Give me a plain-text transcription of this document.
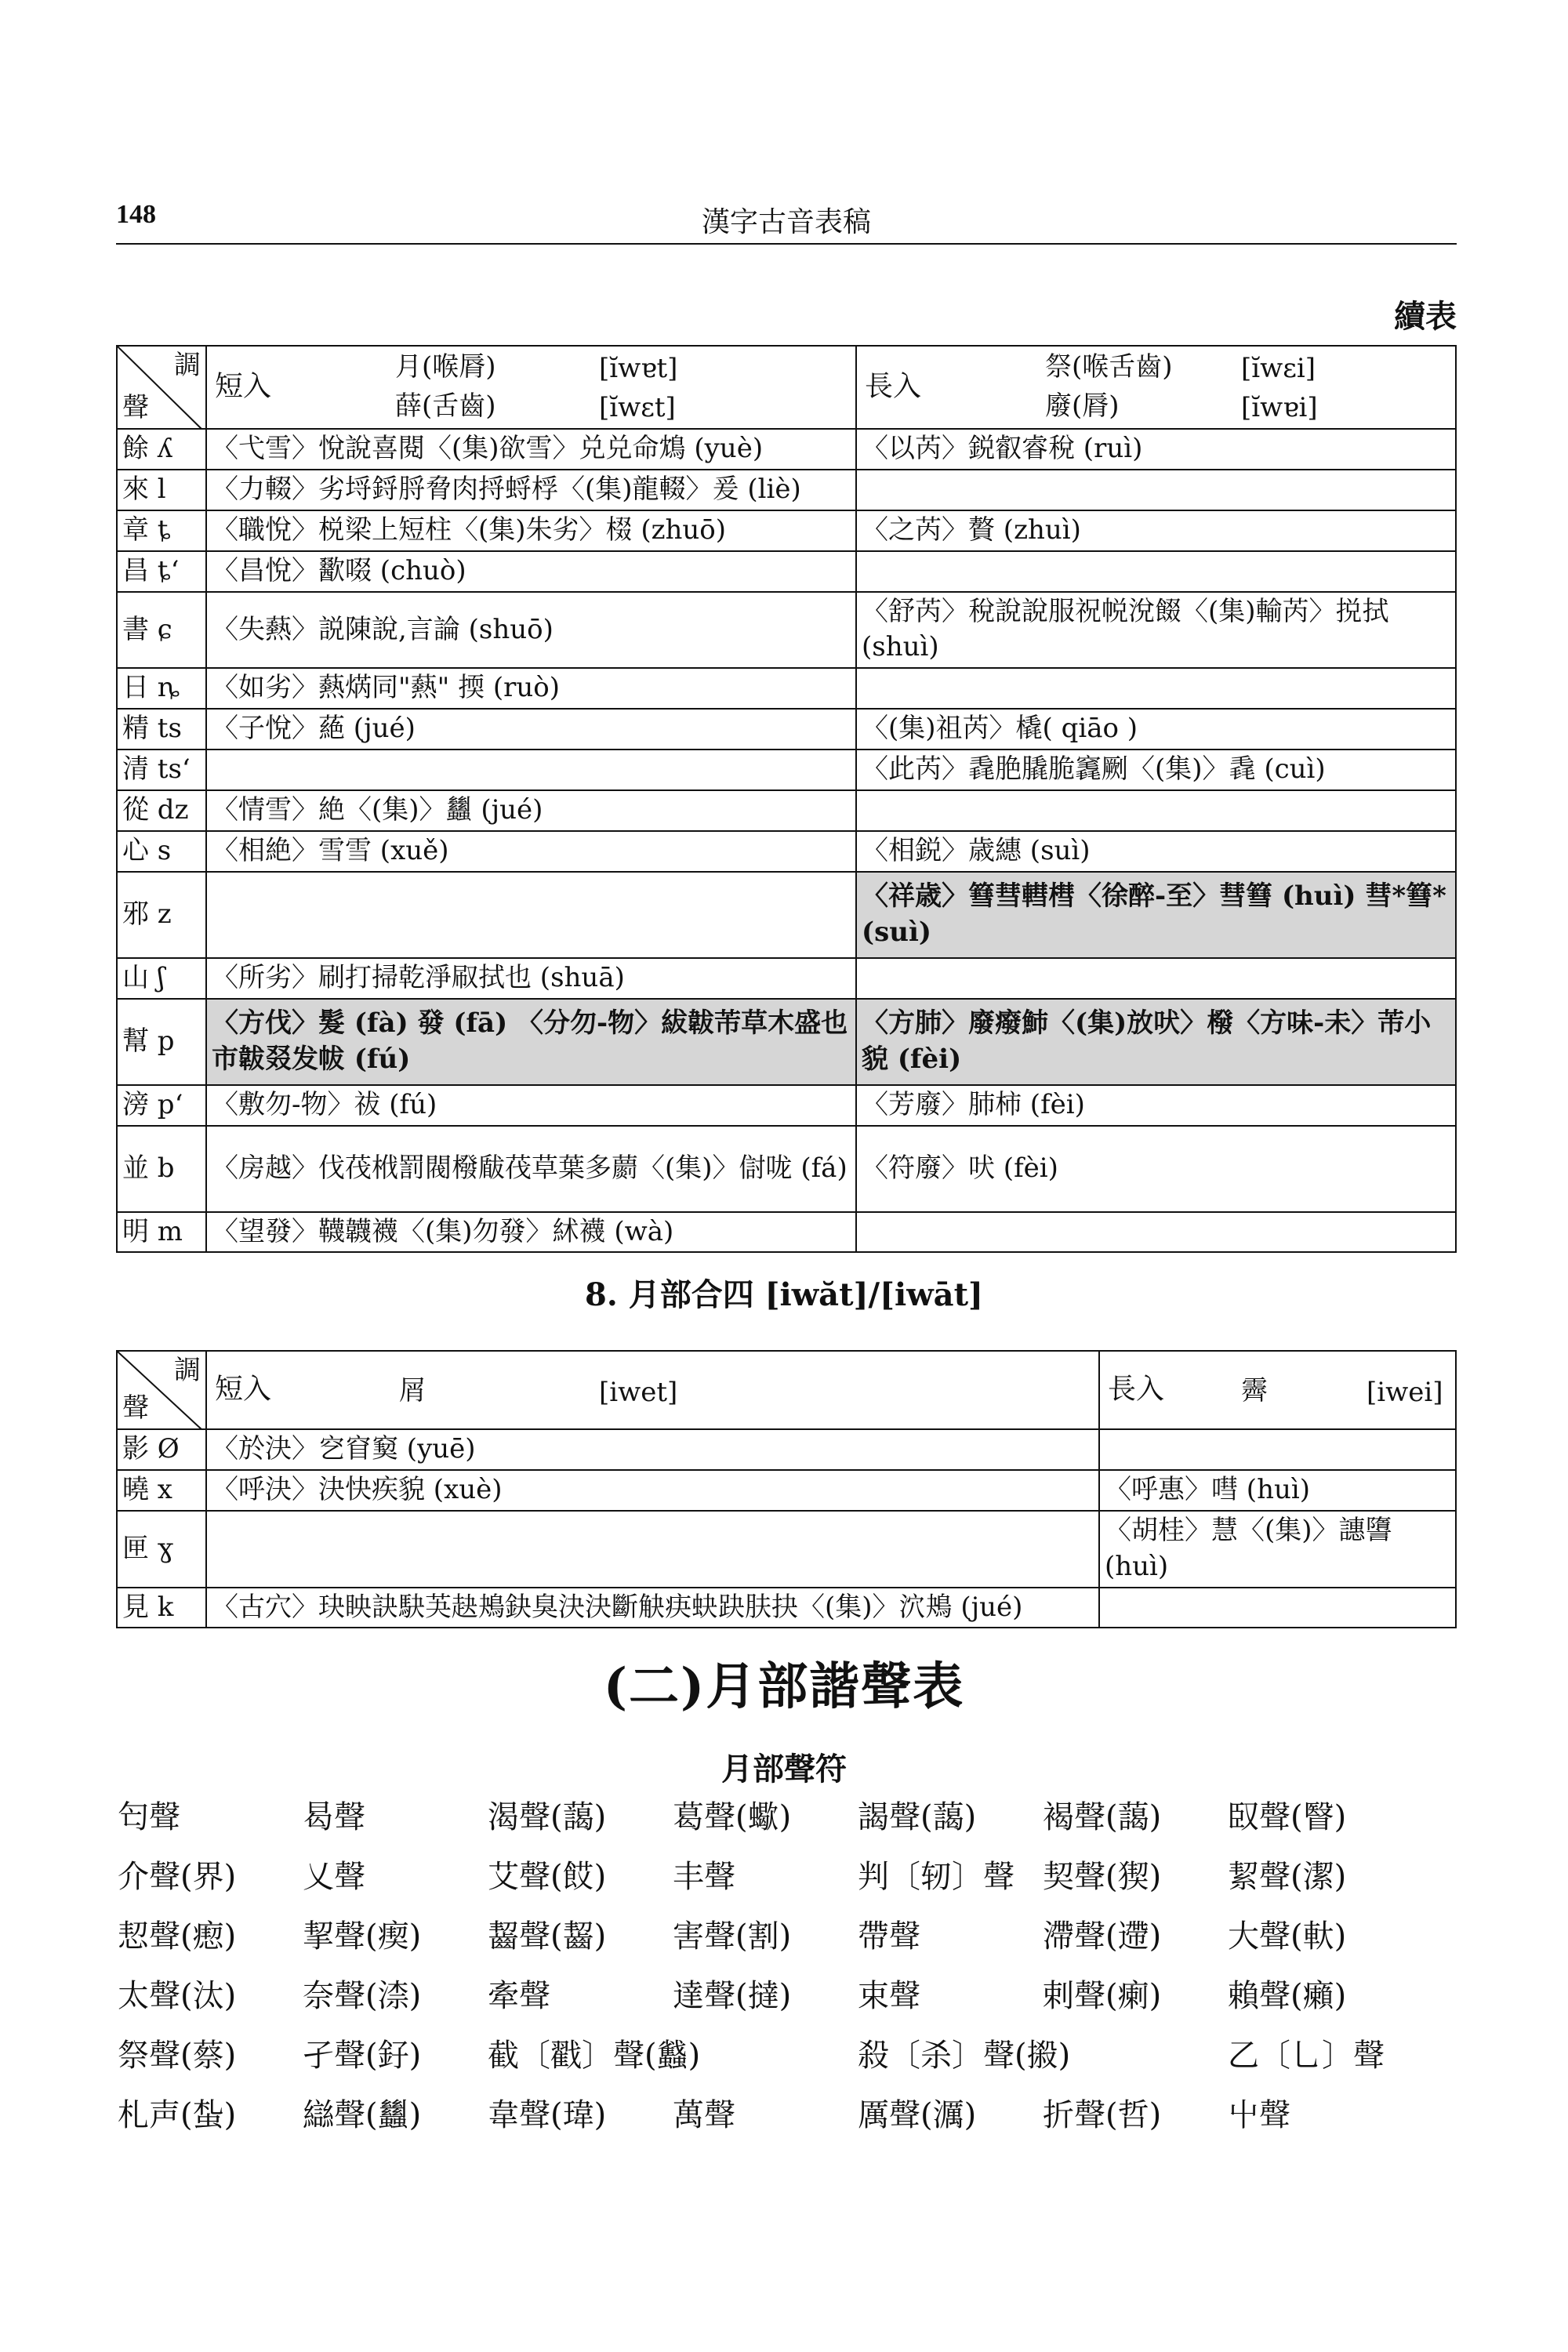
148	漢字古音表稿
續表
調
聲	短入
月(喉脣) [ĭwɐt]
薛(舌齒) [ĭwɛt]	長入
祭(喉舌齒) [ĭwɛi]
廢(脣) [ĭwɐi]

餘 ʎ	〈弋雪〉悅說喜閱〈(集)欲雪〉兑兑命鴆 (yuè)	〈以芮〉鋭叡睿稅 (ruì)
來 l	〈力輟〉劣埒鋝脟脅肉捋蛶桴〈(集)龍輟〉爰 (liè)	
章 ȶ	〈職悅〉棁梁上短柱〈(集)朱劣〉棳 (zhuō)	〈之芮〉贅 (zhuì)
昌 ȶʻ	〈昌悅〉歠啜 (chuò)	
書 ɕ	〈失爇〉説陳說,言論 (shuō)	〈舒芮〉稅說說服祝帨涗餟〈(集)輸芮〉捝拭 (shuì)
日 ȵ	〈如劣〉爇焫同"爇" 㨎 (ruò)	
精 ts	〈子悅〉蕝 (jué)	〈(集)祖芮〉橇( qiāo )
清 tsʻ		〈此芮〉毳脃膬脆竁劂〈(集)〉毳 (cuì)
從 dz	〈情雪〉絶〈(集)〉蠿 (jué)	
心 s	〈相絶〉雪雪 (xuě)	〈相鋭〉歳繐 (suì)
邪 z		〈祥歳〉篲彗轊槥〈徐醉-至〉彗篲 (huì) 彗*篲*(suì)
山 ʃ	〈所劣〉刷打掃乾淨㕞拭也 (shuā)	
幫 p	〈方伐〉髮 (fà) 發 (fā) 〈分勿-物〉紱韍芾草木盛也市韍叕发帗 (fú)	〈方肺〉廢癈䰽〈(集)放吠〉橃〈方味-未〉芾小貌 (fèi)
滂 pʻ	〈敷勿-物〉祓 (fú)	〈芳廢〉肺柿 (fèi)
並 b	〈房越〉伐茷栰罰閥橃瞂茷草葉多蘮〈(集)〉傠咙 (fá)	〈符廢〉吠 (fèi)
明 m	〈望發〉韈韤襪〈(集)勿發〉絉襪 (wà)	
8. 月部合四 [iwăt]/[iwāt]
調
聲	短入 屑 [iwet]	長入 霽 [iwei]

影 Ø	〈於決〉穵窅窫 (yuē)	
曉 x	〈呼決〉決快疾貌 (xuè)	〈呼惠〉嘒 (huì)
匣 ɣ		〈胡桂〉慧〈(集)〉譓䜐 (huì)
見 k	〈古穴〉玦眏訣駃芵赽鴂鈌臭決決斷觖疦蚗趹肤抉〈(集)〉泬鴂 (jué)	
(二)月部諧聲表
月部聲符
匄聲	曷聲	渴聲(藹)	葛聲(蠍)	謁聲(藹)	褐聲(藹)	臤聲(瞖)
介聲(界)	乂聲	艾聲(餀)	丰聲	判〔轫〕聲 契聲(猰)	絜聲(潔)
恝聲(瘛)	挈聲(瘈)	齧聲(齧)	害聲(割)	帶聲	滯聲(遰)	大聲(軑)
太聲(汰)	奈聲(渿)	牽聲	達聲(撻)	束聲	剌聲(瘌)	賴聲(癩)
祭聲(蔡)	孑聲(釨)	截〔戳〕聲(蠽)	殺〔杀〕聲(摋)	乙〔乚〕聲
札声(蚻)	䜌聲(蠿)	韋聲(瑋)	萬聲	厲聲(濿)	折聲(哲)	屮聲
